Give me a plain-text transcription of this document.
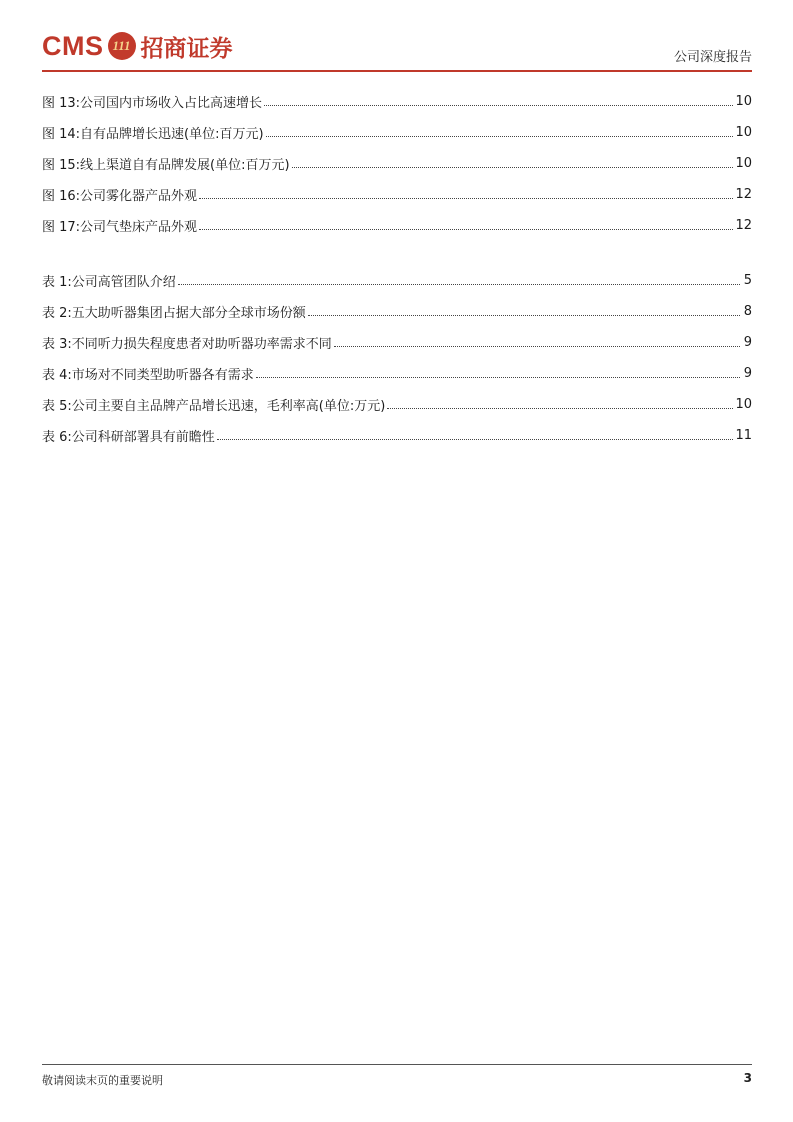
CMS 111 招商证券	公司深度报告
图 13:公司国内市场收入占比高速增长	10
图 14:自有品牌增长迅速(单位:百万元)	10
图 15:线上渠道自有品牌发展(单位:百万元)	10
图 16:公司雾化器产品外观	12
图 17:公司气垫床产品外观	12
表 1:公司高管团队介绍	5
表 2:五大助听器集团占据大部分全球市场份额	8
表 3:不同听力损失程度患者对助听器功率需求不同	9
表 4:市场对不同类型助听器各有需求	9
表 5:公司主要自主品牌产品增长迅速，毛利率高(单位:万元)	10
表 6:公司科研部署具有前瞻性	11
敬请阅读末页的重要说明	3
